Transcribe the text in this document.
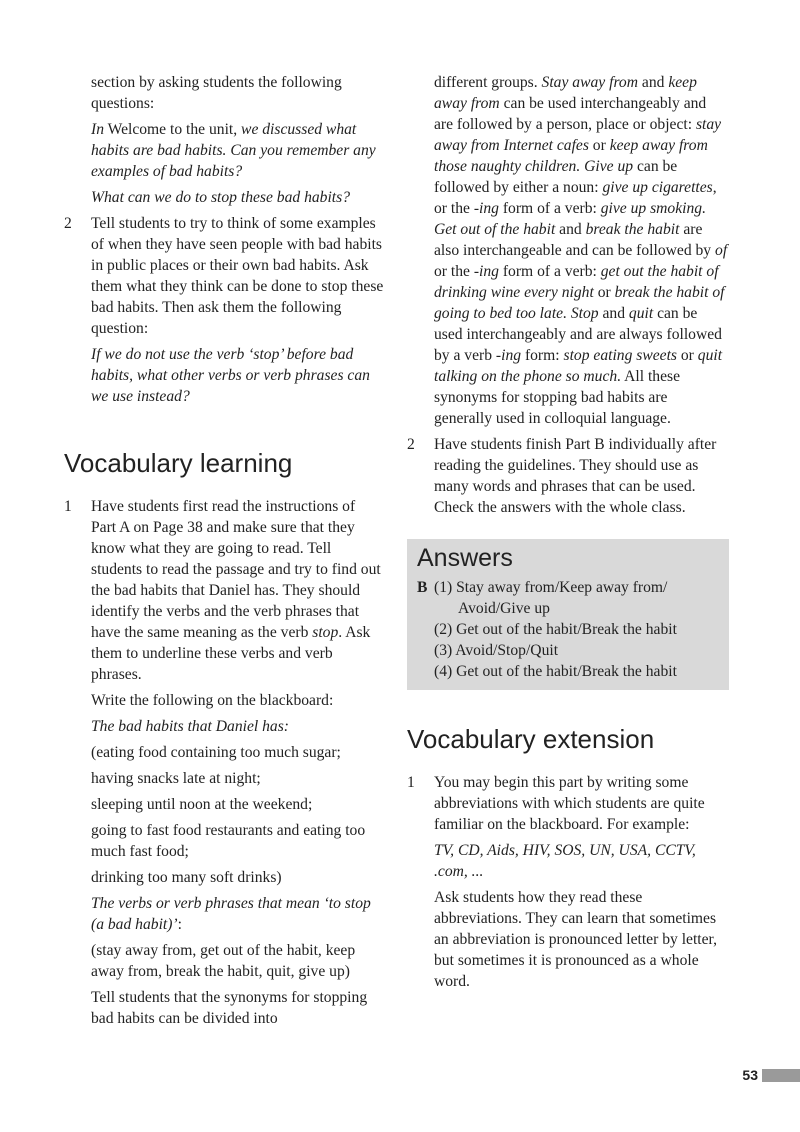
section by asking students the following questions:

In Welcome to the unit, we discussed what habits are bad habits. Can you remember any examples of bad habits?

What can we do to stop these bad habits?

2	Tell students to try to think of some examples of when they have seen people with bad habits in public places or their own bad habits. Ask them what they think can be done to stop these bad habits. Then ask them the following question:

If we do not use the verb ‘stop’ before bad habits, what other verbs or verb phrases can we use instead?

Vocabulary learning
1	Have students first read the instructions of Part A on Page 38 and make sure that they know what they are going to read. Tell students to read the passage and try to find out the bad habits that Daniel has. They should identify the verbs and the verb phrases that have the same meaning as the verb stop. Ask them to underline these verbs and verb phrases.

Write the following on the blackboard:

The bad habits that Daniel has:

(eating food containing too much sugar;

having snacks late at night;

sleeping until noon at the weekend;

going to fast food restaurants and eating too much fast food;

drinking too many soft drinks)

The verbs or verb phrases that mean ‘to stop (a bad habit)’:

(stay away from, get out of the habit, keep away from, break the habit, quit, give up)

Tell students that the synonyms for stopping bad habits can be divided into

different groups. Stay away from and keep away from can be used interchangeably and are followed by a person, place or object: stay away from Internet cafes or keep away from those naughty children. Give up can be followed by either a noun: give up cigarettes, or the -ing form of a verb: give up smoking. Get out of the habit and break the habit are also interchangeable and can be followed by of or the -ing form of a verb: get out the habit of drinking wine every night or break the habit of going to bed too late. Stop and quit can be used interchangeably and are always followed by a verb -ing form: stop eating sweets or quit talking on the phone so much. All these synonyms for stopping bad habits are generally used in colloquial language.

2	Have students finish Part B individually after reading the guidelines. They should use as many words and phrases that can be used. Check the answers with the whole class.

Answers
B (1) Stay away from/Keep away from/
Avoid/Give up
(2) Get out of the habit/Break the habit
(3) Avoid/Stop/Quit
(4) Get out of the habit/Break the habit
Vocabulary extension
1	You may begin this part by writing some abbreviations with which students are quite familiar on the blackboard. For example:

TV, CD, Aids, HIV, SOS, UN, USA, CCTV, .com, ...

Ask students how they read these abbreviations. They can learn that sometimes an abbreviation is pronounced letter by letter, but sometimes it is pronounced as a whole word.

53
